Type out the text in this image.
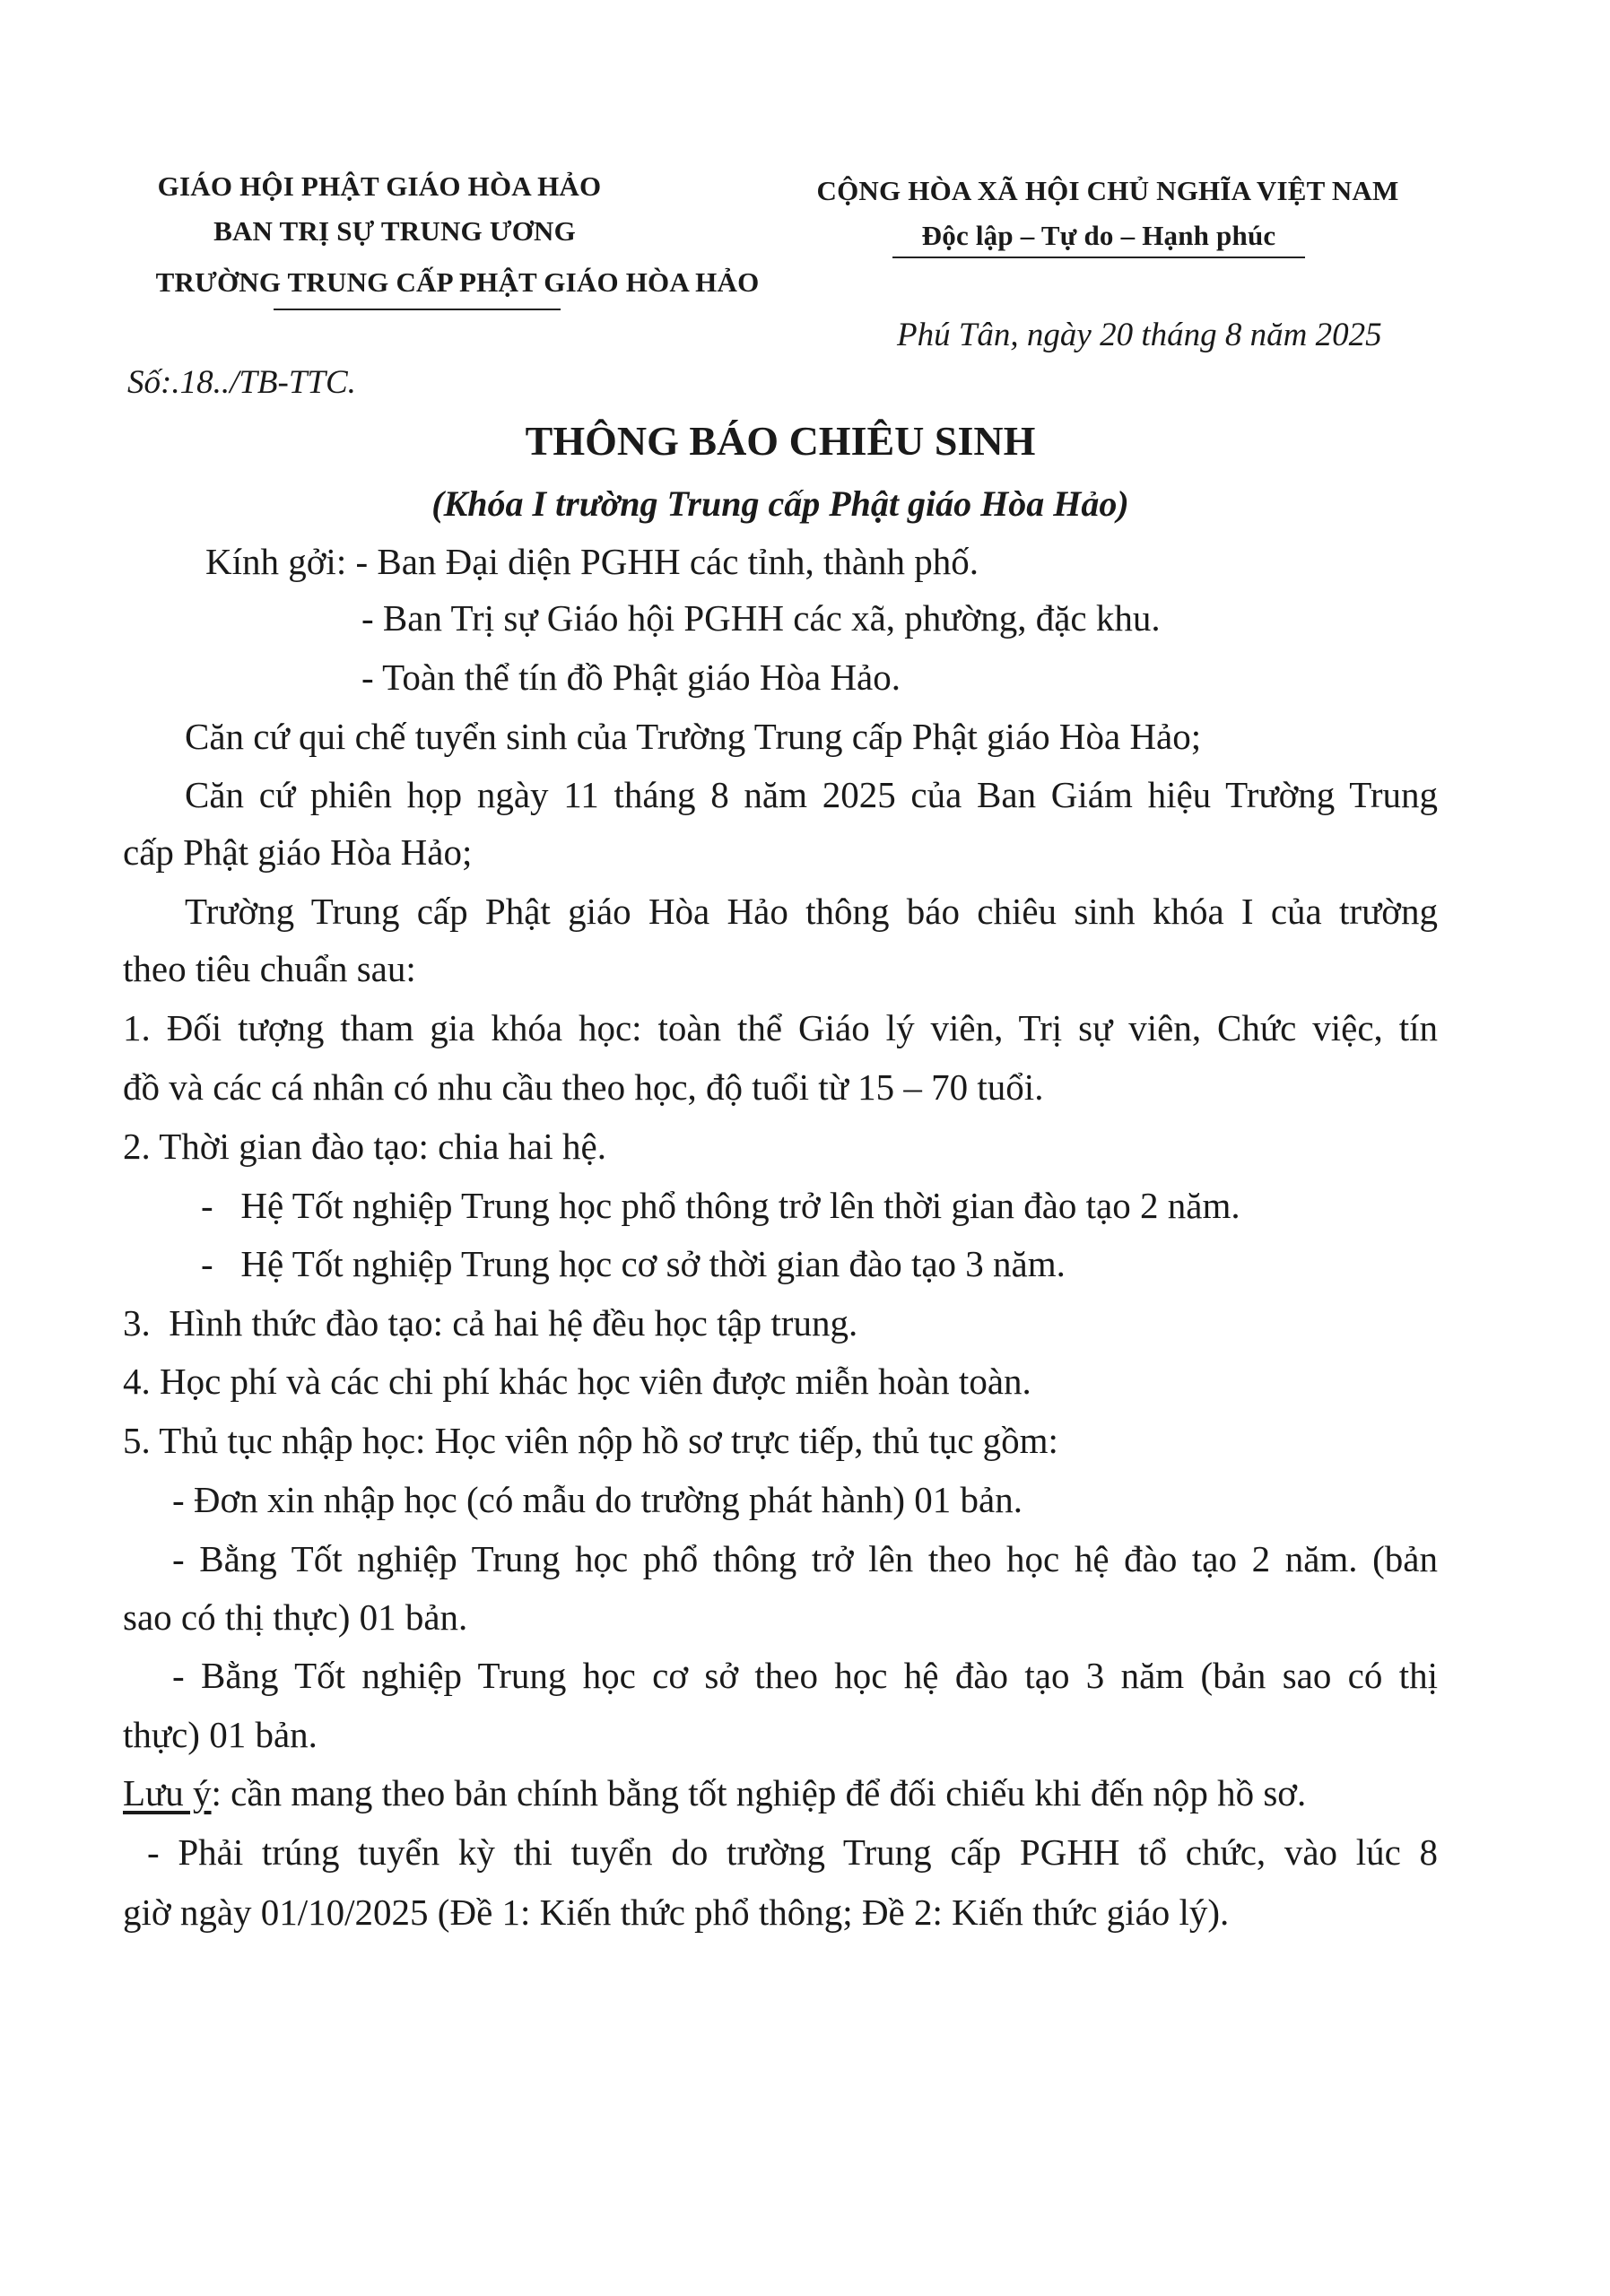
GIÁO HỘI PHẬT GIÁO HÒA HẢO
BAN TRỊ SỰ TRUNG ƯƠNG
TRƯỜNG TRUNG CẤP PHẬT GIÁO HÒA HẢO
CỘNG HÒA XÃ HỘI CHỦ NGHĨA VIỆT NAM
Độc lập – Tự do – Hạnh phúc
Phú Tân, ngày 20 tháng 8 năm 2025
Số:.18../TB-TTC.
THÔNG BÁO CHIÊU SINH
(Khóa I trường Trung cấp Phật giáo Hòa Hảo)
Kính gởi: - Ban Đại diện PGHH các tỉnh, thành phố.
- Ban Trị sự Giáo hội PGHH các xã, phường, đặc khu.
- Toàn thể tín đồ Phật giáo Hòa Hảo.
Căn cứ qui chế tuyển sinh của Trường Trung cấp Phật giáo Hòa Hảo;
Căn cứ phiên họp ngày 11 tháng 8 năm 2025 của Ban Giám hiệu Trường Trung
cấp Phật giáo Hòa Hảo;
Trường Trung cấp Phật giáo Hòa Hảo thông báo chiêu sinh khóa I của trường
theo tiêu chuẩn sau:
1. Đối tượng tham gia khóa học: toàn thể Giáo lý viên, Trị sự viên, Chức việc, tín
đồ và các cá nhân có nhu cầu theo học, độ tuổi từ 15 – 70 tuổi.
2. Thời gian đào tạo: chia hai hệ.
-   Hệ Tốt nghiệp Trung học phổ thông trở lên thời gian đào tạo 2 năm.
-   Hệ Tốt nghiệp Trung học cơ sở thời gian đào tạo 3 năm.
3.  Hình thức đào tạo: cả hai hệ đều học tập trung.
4. Học phí và các chi phí khác học viên được miễn hoàn toàn.
5. Thủ tục nhập học: Học viên nộp hồ sơ trực tiếp, thủ tục gồm:
- Đơn xin nhập học (có mẫu do trường phát hành) 01 bản.
- Bằng Tốt nghiệp Trung học phổ thông trở lên theo học hệ đào tạo 2 năm. (bản
sao có thị thực) 01 bản.
- Bằng Tốt nghiệp Trung học cơ sở theo học hệ đào tạo 3 năm (bản sao có thị
thực) 01 bản.
Lưu ý: cần mang theo bản chính bằng tốt nghiệp để đối chiếu khi đến nộp hồ sơ.
- Phải trúng tuyển kỳ thi tuyển do trường Trung cấp PGHH tổ chức, vào lúc 8
giờ ngày 01/10/2025 (Đề 1: Kiến thức phổ thông; Đề 2: Kiến thức giáo lý).
